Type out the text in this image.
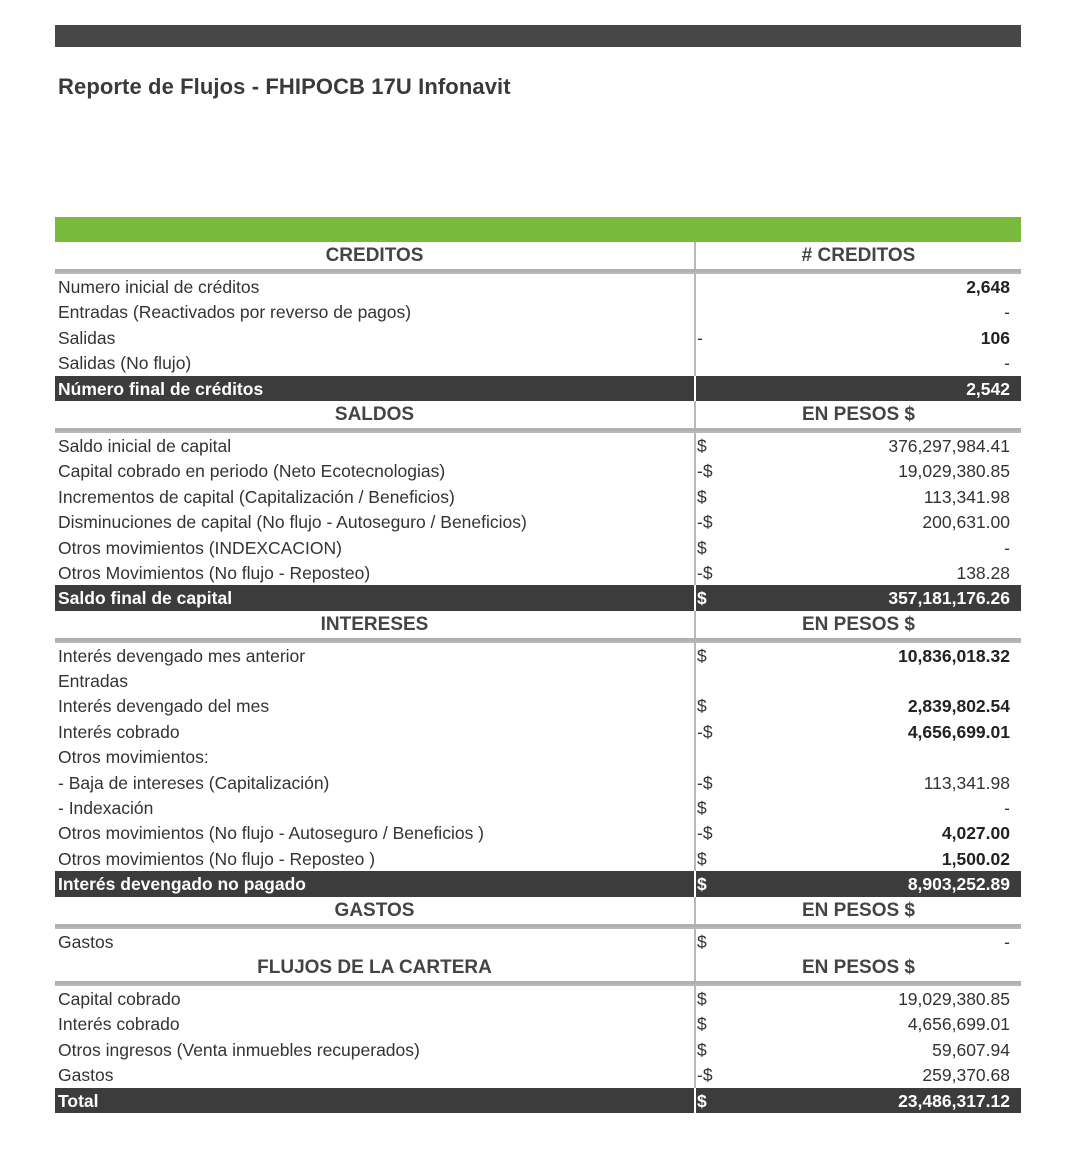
Reporte de Flujos - FHIPOCB 17U Infonavit
CREDITOS	# CREDITOS
Numero inicial de créditos	2,648
Entradas (Reactivados por reverso de pagos)	-
Salidas	-	106
Salidas (No flujo)	-
Número final de créditos	2,542
SALDOS	EN PESOS $
Saldo inicial de capital	$	376,297,984.41
Capital cobrado en periodo (Neto Ecotecnologias)	-$	19,029,380.85
Incrementos de capital (Capitalización / Beneficios)	$	113,341.98
Disminuciones de capital (No flujo - Autoseguro / Beneficios)	-$	200,631.00
Otros movimientos (INDEXCACION)	$	-
Otros Movimientos (No flujo - Reposteo)	-$	138.28
Saldo final de capital	$	357,181,176.26
INTERESES	EN PESOS $
Interés devengado mes anterior	$	10,836,018.32
Entradas
Interés devengado del mes	$	2,839,802.54
Interés cobrado	-$	4,656,699.01
Otros movimientos:
- Baja de intereses (Capitalización)	-$	113,341.98
- Indexación	$	-
Otros movimientos (No flujo - Autoseguro / Beneficios )	-$	4,027.00
Otros movimientos (No flujo - Reposteo )	$	1,500.02
Interés devengado no pagado	$	8,903,252.89
GASTOS	EN PESOS $
Gastos	$	-
FLUJOS DE LA CARTERA	EN PESOS $
Capital cobrado	$	19,029,380.85
Interés cobrado	$	4,656,699.01
Otros ingresos (Venta inmuebles recuperados)	$	59,607.94
Gastos	-$	259,370.68
Total	$	23,486,317.12
